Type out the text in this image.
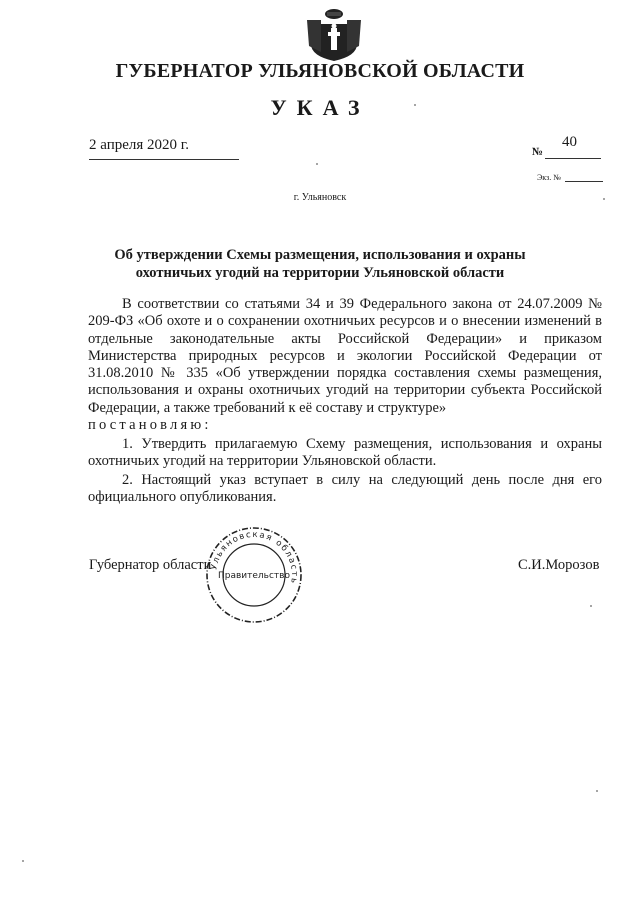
ГУБЕРНАТОР УЛЬЯНОВСКОЙ ОБЛАСТИ
УКАЗ
2 апреля 2020 г.	№
40
Экз. №
г. Ульяновск
Об утверждении Схемы размещения, использования и охраны охотничьих угодий на территории Ульяновской области
В соответствии со статьями 34 и 39 Федерального закона от 24.07.2009 № 209-ФЗ «Об охоте и о сохранении охотничьих ресурсов и о внесении изменений в отдельные законодательные акты Российской Федерации» и приказом Министерства природных ресурсов и экологии Российской Федерации от 31.08.2010 № 335 «Об утверждении порядка составления схемы размещения, использования и охраны охотничьих угодий на территории субъекта Российской Федерации, а также требований к её составу и структуре»
постановляю:
1. Утвердить прилагаемую Схему размещения, использования и охраны охотничьих угодий на территории Ульяновской области.
2. Настоящий указ вступает в силу на следующий день после дня его официального опубликования.
Губернатор области	С.И.Морозов
Ульяновская область
Правительство
